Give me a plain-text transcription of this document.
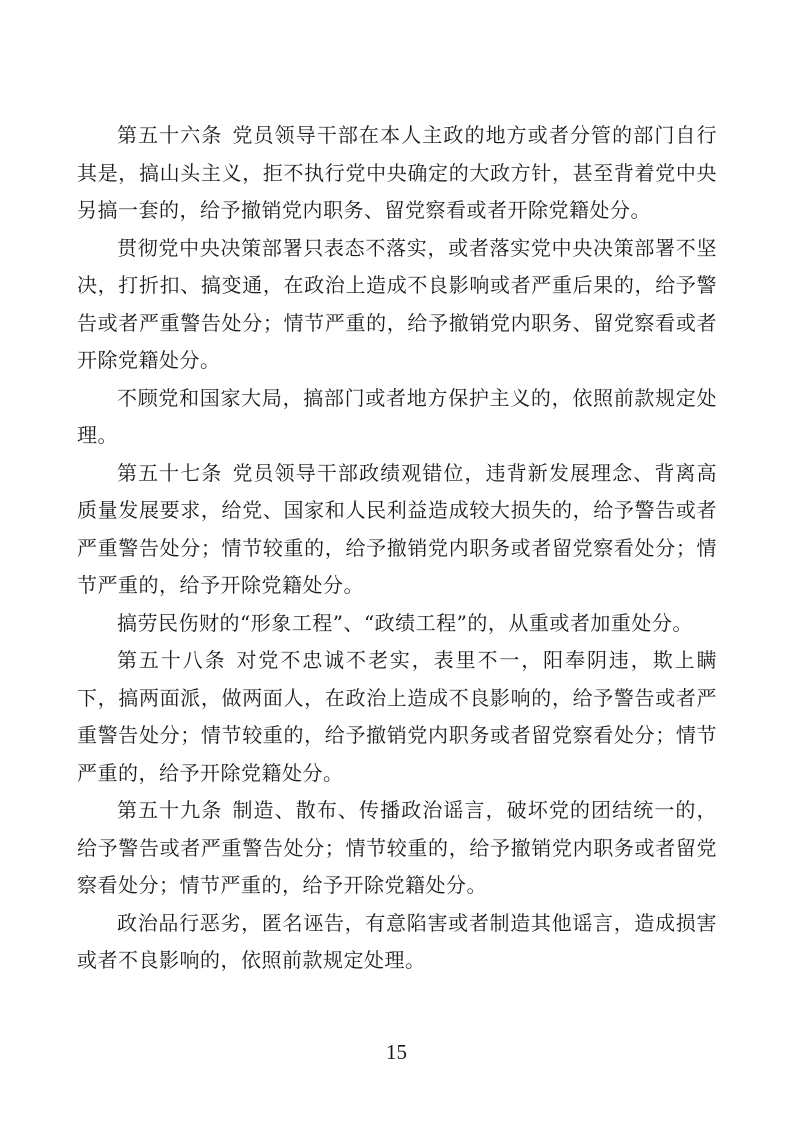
第五十六条 党员领导干部在本人主政的地方或者分管的部门自行其是，搞山头主义，拒不执行党中央确定的大政方针，甚至背着党中央另搞一套的，给予撤销党内职务、留党察看或者开除党籍处分。

贯彻党中央决策部署只表态不落实，或者落实党中央决策部署不坚决，打折扣、搞变通，在政治上造成不良影响或者严重后果的，给予警告或者严重警告处分；情节严重的，给予撤销党内职务、留党察看或者开除党籍处分。

不顾党和国家大局，搞部门或者地方保护主义的，依照前款规定处理。

第五十七条 党员领导干部政绩观错位，违背新发展理念、背离高质量发展要求，给党、国家和人民利益造成较大损失的，给予警告或者严重警告处分；情节较重的，给予撤销党内职务或者留党察看处分；情节严重的，给予开除党籍处分。

搞劳民伤财的“形象工程”、“政绩工程”的，从重或者加重处分。

第五十八条 对党不忠诚不老实，表里不一，阳奉阴违，欺上瞒下，搞两面派，做两面人，在政治上造成不良影响的，给予警告或者严重警告处分；情节较重的，给予撤销党内职务或者留党察看处分；情节严重的，给予开除党籍处分。

第五十九条 制造、散布、传播政治谣言，破坏党的团结统一的，给予警告或者严重警告处分；情节较重的，给予撤销党内职务或者留党察看处分；情节严重的，给予开除党籍处分。

政治品行恶劣，匿名诬告，有意陷害或者制造其他谣言，造成损害或者不良影响的，依照前款规定处理。

15
